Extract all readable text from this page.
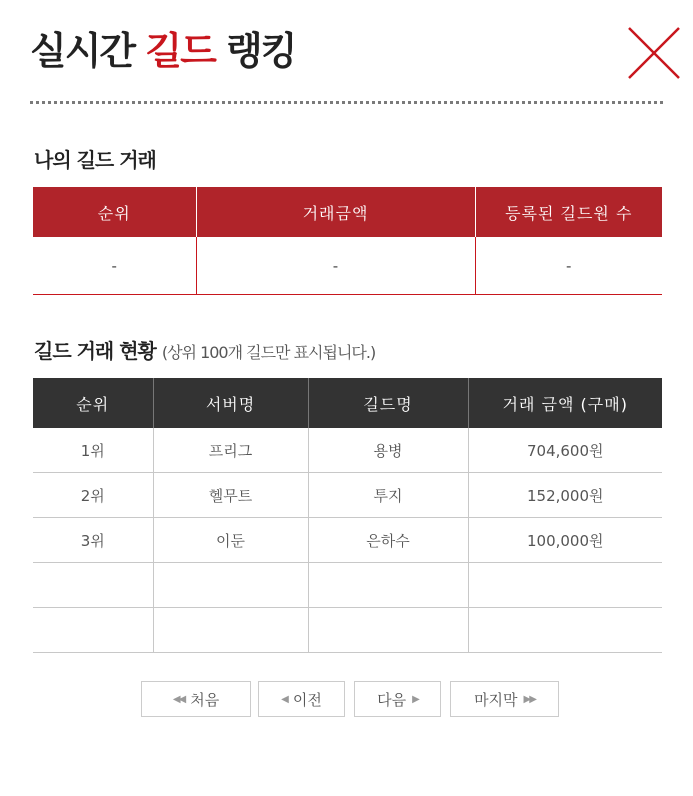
실시간 길드 랭킹
나의 길드 거래
순위	거래금액	등록된 길드원 수
-	-	-
길드 거래 현황 (상위 100개 길드만 표시됩니다.)
순위	서버명	길드명	거래 금액 (구매)
1위	프리그	용병	704,600원
2위	헬무트	투지	152,000원
3위	이둔	은하수	100,000원

◀◀ 처음	◀ 이전	다음 ▶	마지막 ▶▶
